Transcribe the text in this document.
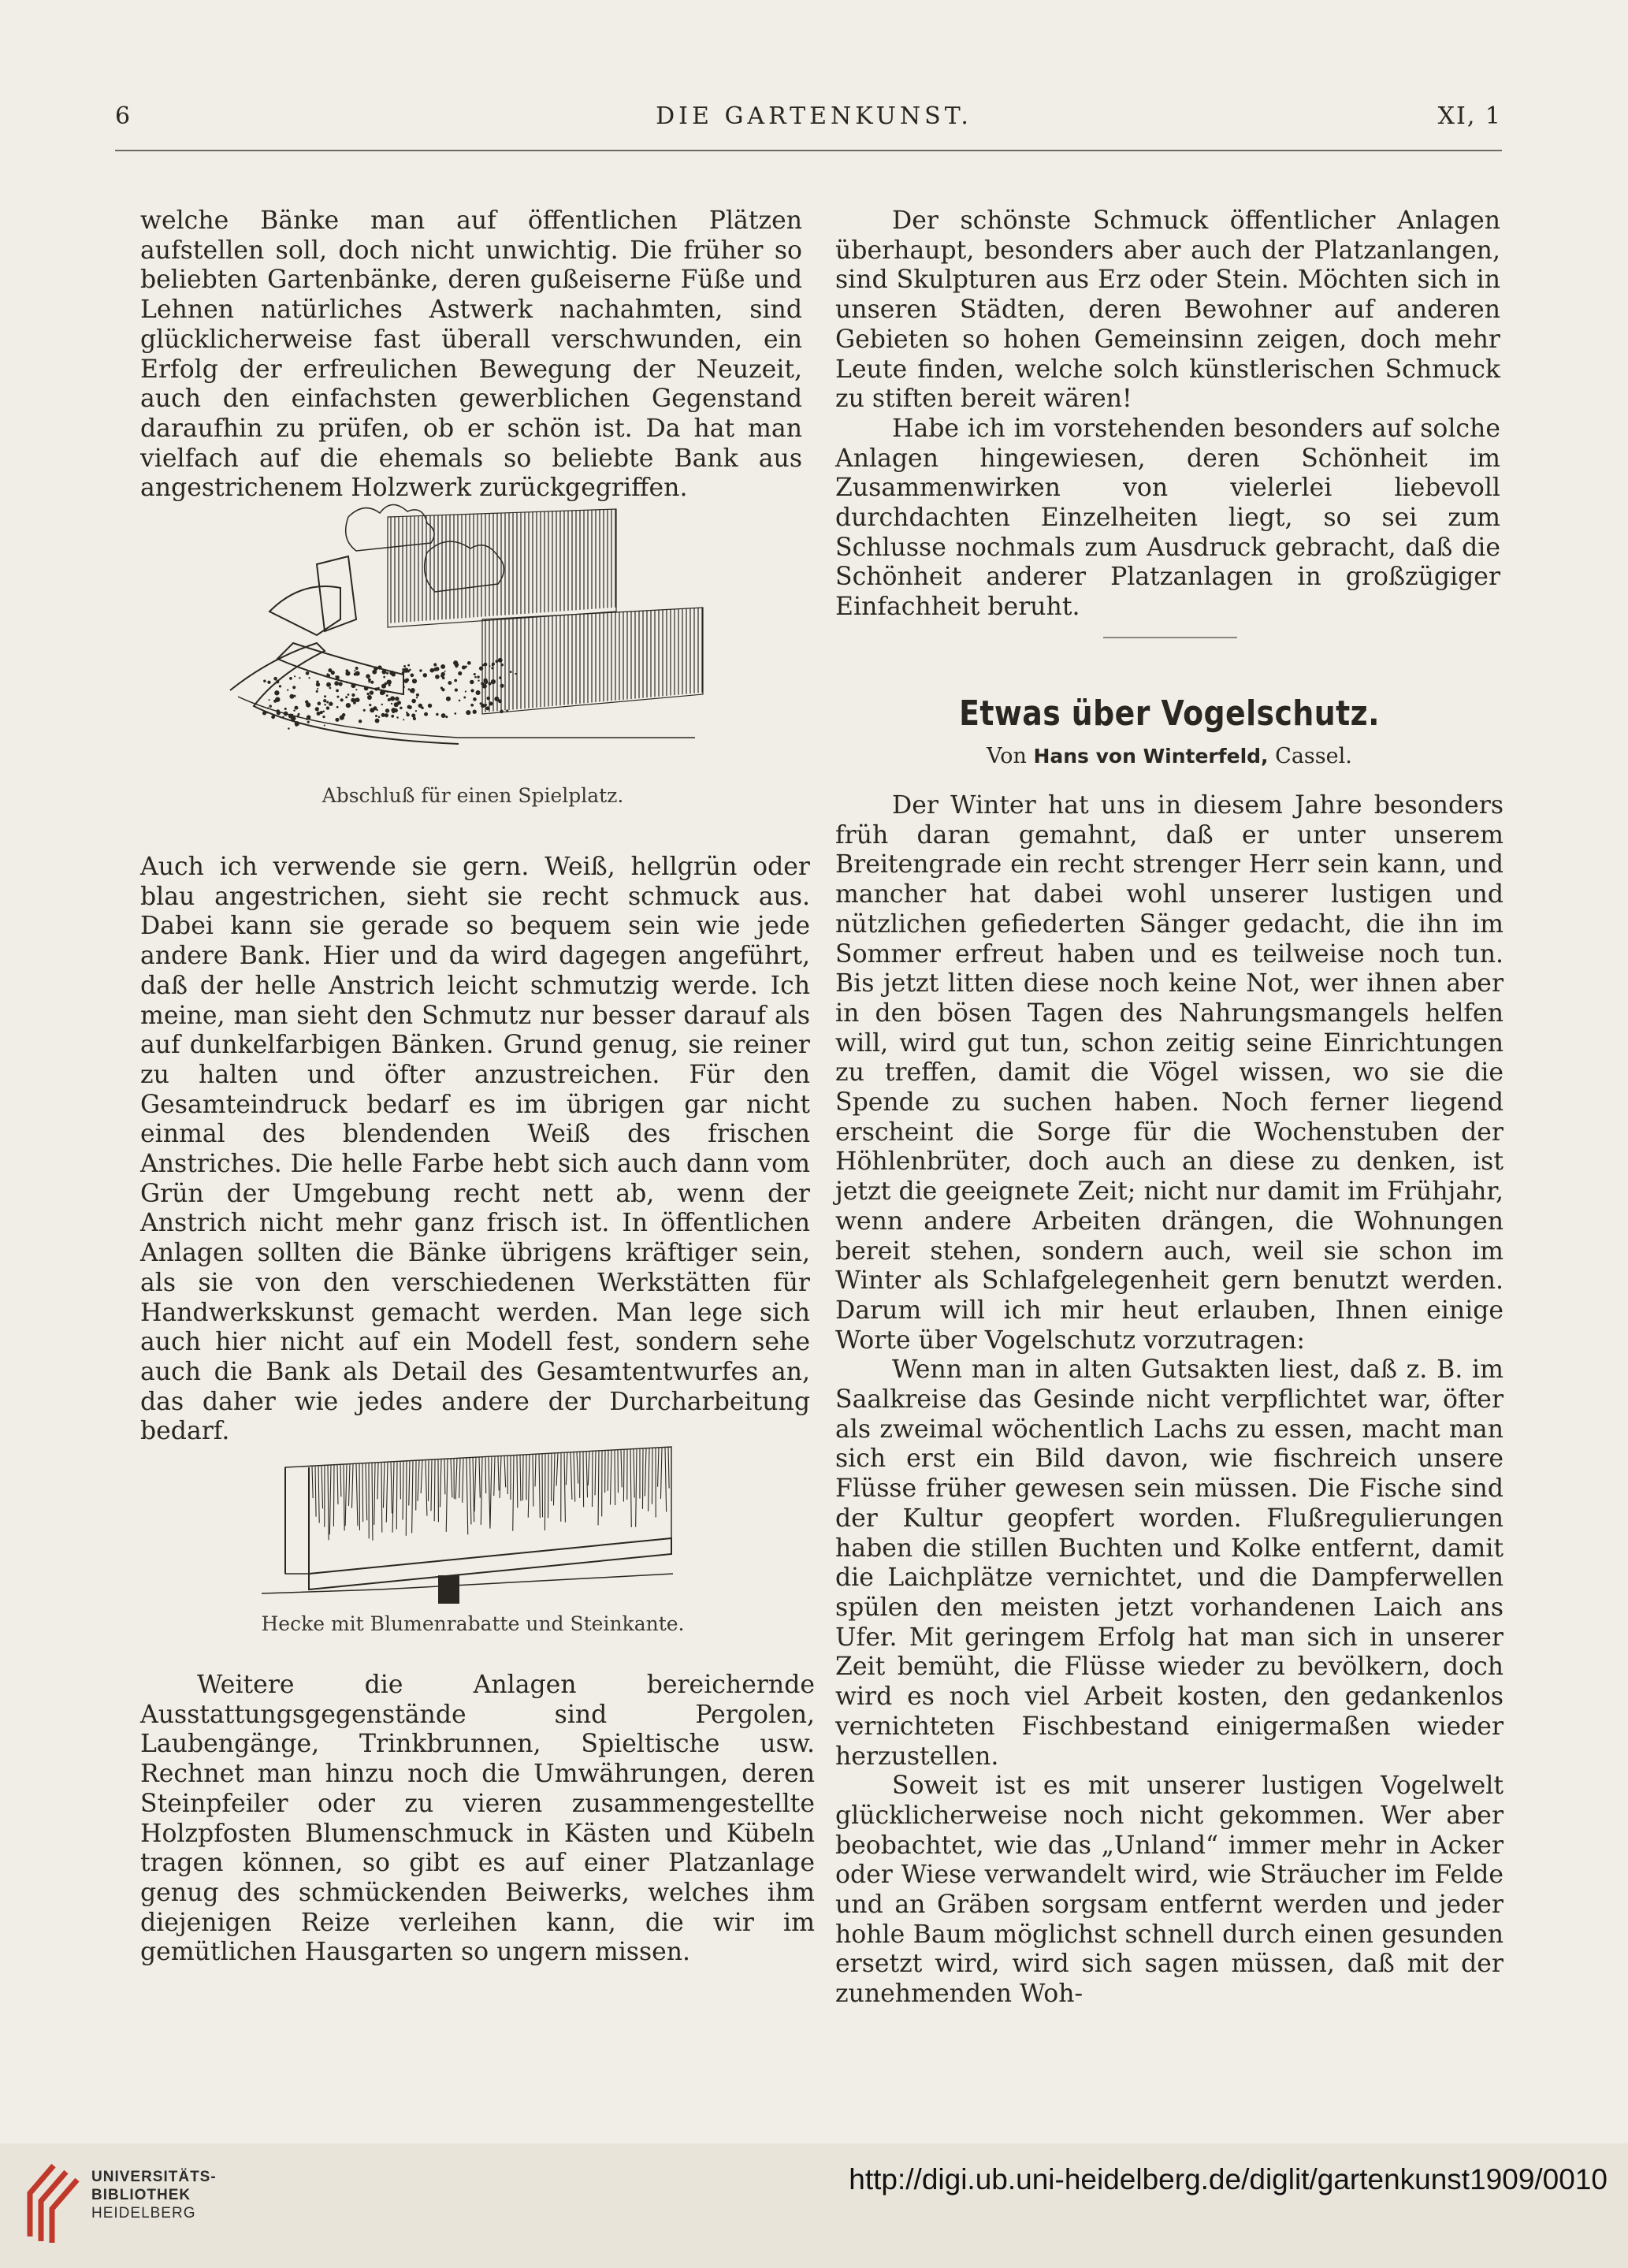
6	DIE GARTENKUNST.	XI, 1

welche Bänke man auf öffentlichen Plätzen aufstellen soll, doch nicht unwichtig. Die früher so beliebten Gartenbänke, deren gußeiserne Füße und Lehnen natürliches Astwerk nachahmten, sind glücklicherweise fast überall verschwunden, ein Erfolg der erfreulichen Bewegung der Neuzeit, auch den einfachsten gewerblichen Gegenstand daraufhin zu prüfen, ob er schön ist. Da hat man vielfach auf die ehemals so beliebte Bank aus angestrichenem Holzwerk zurückgegriffen.

Abschluß für einen Spielplatz.

Auch ich verwende sie gern. Weiß, hellgrün oder blau angestrichen, sieht sie recht schmuck aus. Dabei kann sie gerade so bequem sein wie jede andere Bank. Hier und da wird dagegen angeführt, daß der helle Anstrich leicht schmutzig werde. Ich meine, man sieht den Schmutz nur besser darauf als auf dunkelfarbigen Bänken. Grund genug, sie reiner zu halten und öfter anzustreichen. Für den Gesamteindruck bedarf es im übrigen gar nicht einmal des blendenden Weiß des frischen Anstriches. Die helle Farbe hebt sich auch dann vom Grün der Umgebung recht nett ab, wenn der Anstrich nicht mehr ganz frisch ist. In öffentlichen Anlagen sollten die Bänke übrigens kräftiger sein, als sie von den verschiedenen Werkstätten für Handwerkskunst gemacht werden. Man lege sich auch hier nicht auf ein Modell fest, sondern sehe auch die Bank als Detail des Gesamtentwurfes an, das daher wie jedes andere der Durcharbeitung bedarf.

Hecke mit Blumenrabatte und Steinkante.

Weitere die Anlagen bereichernde Ausstattungsgegenstände sind Pergolen, Laubengänge, Trinkbrunnen, Spieltische usw. Rechnet man hinzu noch die Umwährungen, deren Steinpfeiler oder zu vieren zusammengestellte Holzpfosten Blumenschmuck in Kästen und Kübeln tragen können, so gibt es auf einer Platzanlage genug des schmückenden Beiwerks, welches ihm diejenigen Reize verleihen kann, die wir im gemütlichen Hausgarten so ungern missen.

Der schönste Schmuck öffentlicher Anlagen überhaupt, besonders aber auch der Platzanlangen, sind Skulpturen aus Erz oder Stein. Möchten sich in unseren Städten, deren Bewohner auf anderen Gebieten so hohen Gemeinsinn zeigen, doch mehr Leute finden, welche solch künstlerischen Schmuck zu stiften bereit wären!

Habe ich im vorstehenden besonders auf solche Anlagen hingewiesen, deren Schönheit im Zusammenwirken von vielerlei liebevoll durchdachten Einzelheiten liegt, so sei zum Schlusse nochmals zum Ausdruck gebracht, daß die Schönheit anderer Platzanlagen in großzügiger Einfachheit beruht.

Etwas über Vogelschutz.
Von Hans von Winterfeld, Cassel.

Der Winter hat uns in diesem Jahre besonders früh daran gemahnt, daß er unter unserem Breitengrade ein recht strenger Herr sein kann, und mancher hat dabei wohl unserer lustigen und nützlichen gefiederten Sänger gedacht, die ihn im Sommer erfreut haben und es teilweise noch tun. Bis jetzt litten diese noch keine Not, wer ihnen aber in den bösen Tagen des Nahrungsmangels helfen will, wird gut tun, schon zeitig seine Einrichtungen zu treffen, damit die Vögel wissen, wo sie die Spende zu suchen haben. Noch ferner liegend erscheint die Sorge für die Wochenstuben der Höhlenbrüter, doch auch an diese zu denken, ist jetzt die geeignete Zeit; nicht nur damit im Frühjahr, wenn andere Arbeiten drängen, die Wohnungen bereit stehen, sondern auch, weil sie schon im Winter als Schlafgelegenheit gern benutzt werden. Darum will ich mir heut erlauben, Ihnen einige Worte über Vogelschutz vorzutragen:

Wenn man in alten Gutsakten liest, daß z. B. im Saalkreise das Gesinde nicht verpflichtet war, öfter als zweimal wöchentlich Lachs zu essen, macht man sich erst ein Bild davon, wie fischreich unsere Flüsse früher gewesen sein müssen. Die Fische sind der Kultur geopfert worden. Flußregulierungen haben die stillen Buchten und Kolke entfernt, damit die Laichplätze vernichtet, und die Dampferwellen spülen den meisten jetzt vorhandenen Laich ans Ufer. Mit geringem Erfolg hat man sich in unserer Zeit bemüht, die Flüsse wieder zu bevölkern, doch wird es noch viel Arbeit kosten, den gedankenlos vernichteten Fischbestand einigermaßen wieder herzustellen.

Soweit ist es mit unserer lustigen Vogelwelt glücklicherweise noch nicht gekommen. Wer aber beobachtet, wie das „Unland“ immer mehr in Acker oder Wiese verwandelt wird, wie Sträucher im Felde und an Gräben sorgsam entfernt werden und jeder hohle Baum möglichst schnell durch einen gesunden ersetzt wird, wird sich sagen müssen, daß mit der zunehmenden Woh-

UNIVERSITÄTS-
BIBLIOTHEK
HEIDELBERG
http://digi.ub.uni-heidelberg.de/diglit/gartenkunst1909/0010
